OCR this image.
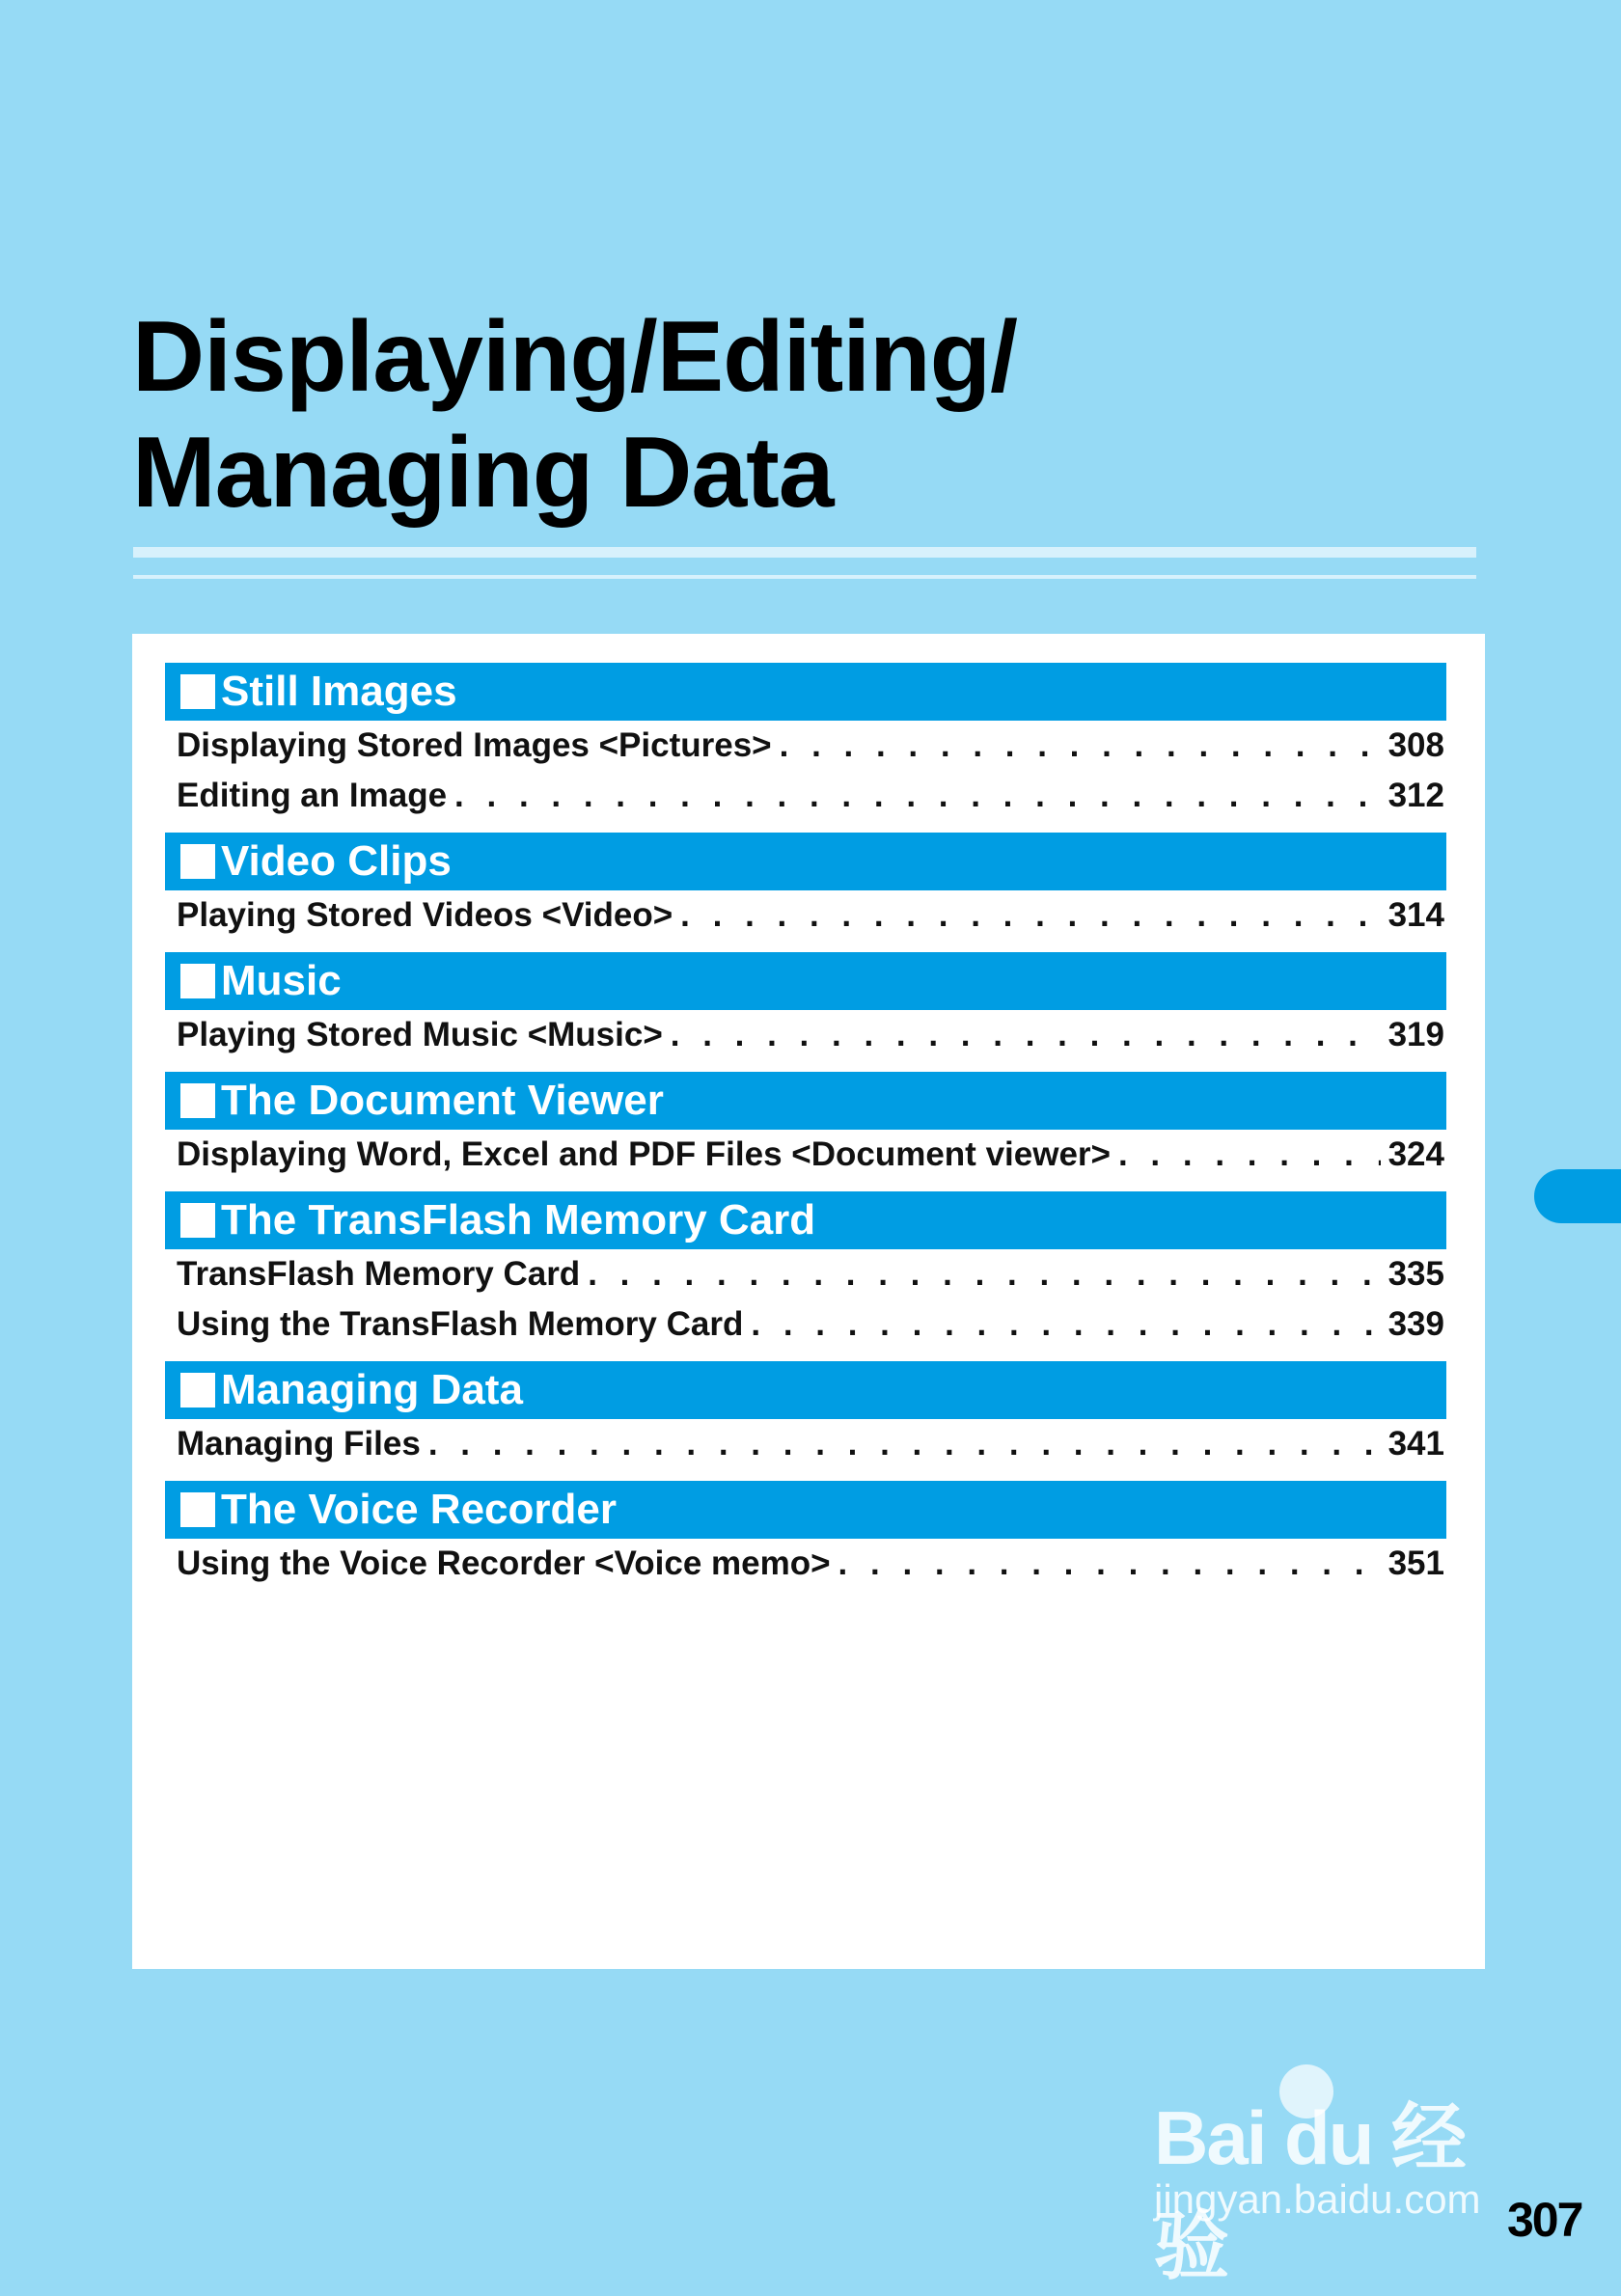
Displaying/Editing/
Managing Data
Still Images
Displaying Stored Images <Pictures> . . .	308
Editing an Image . . .	312
Video Clips
Playing Stored Videos <Video> . . .	314
Music
Playing Stored Music <Music> . . .	319
The Document Viewer
Displaying Word, Excel and PDF Files <Document viewer> . . .	324
The TransFlash Memory Card
TransFlash Memory Card . . .	335
Using the TransFlash Memory Card . . .	339
Managing Data
Managing Files . . .	341
The Voice Recorder
Using the Voice Recorder <Voice memo> . . .	351
Bai du 经验
jingyan.baidu.com 307
